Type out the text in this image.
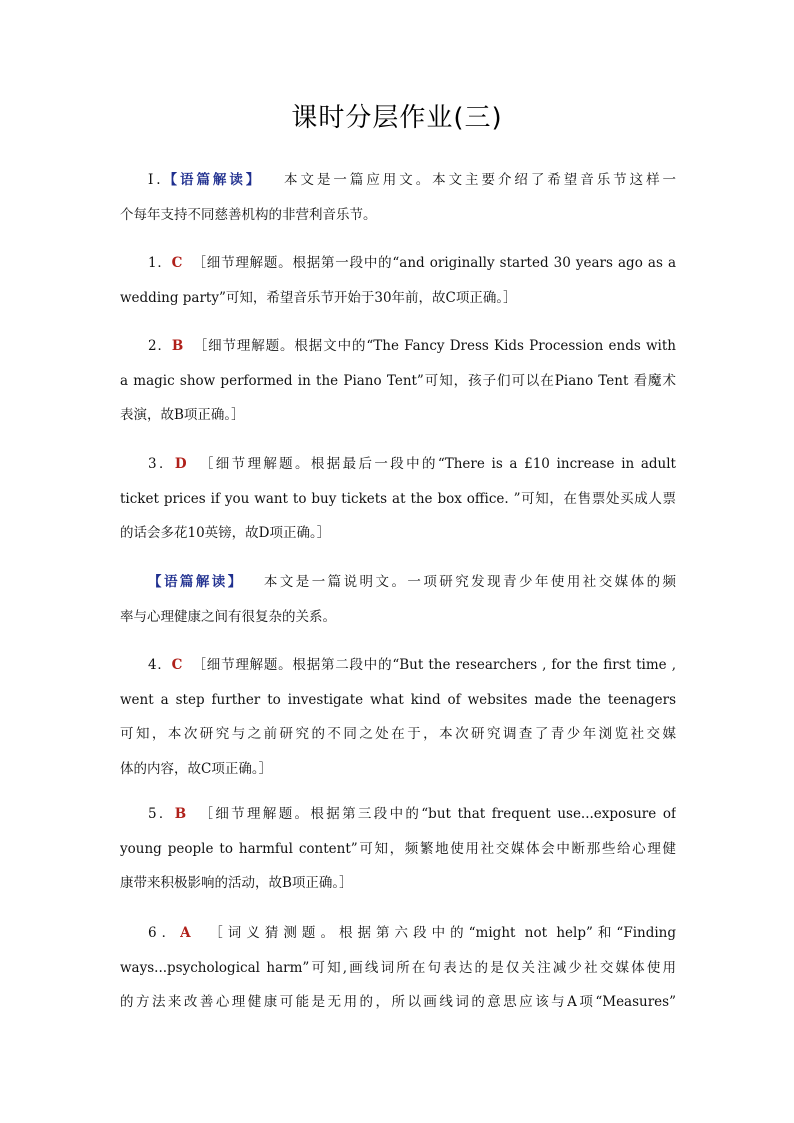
课时分层作业(三)
Ⅰ.【语篇解读】 本文是一篇应用文。本文主要介绍了希望音乐节这样一
个每年支持不同慈善机构的非营利音乐节。
1．C ［细节理解题。根据第一段中的“and originally started 30 years ago as a
wedding party”可知，希望音乐节开始于30年前，故C项正确。］
2．B ［细节理解题。根据文中的“The Fancy Dress Kids Procession ends with
a magic show performed in the Piano Tent”可知，孩子们可以在Piano Tent 看魔术
表演，故B项正确。］
3．D ［细节理解题。根据最后一段中的“There is a £10 increase in adult
ticket prices if you want to buy tickets at the box office. ”可知，在售票处买成人票
的话会多花10英镑，故D项正确。］
【语篇解读】 本文是一篇说明文。一项研究发现青少年使用社交媒体的频
率与心理健康之间有很复杂的关系。
4．C ［细节理解题。根据第二段中的“But the researchers , for the first time ,
went a step further to investigate what kind of websites made the teenagers
可知，本次研究与之前研究的不同之处在于，本次研究调查了青少年浏览社交媒
体的内容，故C项正确。］
5．B ［细节理解题。根据第三段中的“but that frequent use...exposure of
young people to harmful content”可知，频繁地使用社交媒体会中断那些给心理健
康带来积极影响的活动，故B项正确。］
6．A ［词义猜测题。根据第六段中的“might not help”和“Finding
ways...psychological harm”可知,画线词所在句表达的是仅关注减少社交媒体使用
的方法来改善心理健康可能是无用的，所以画线词的意思应该与A项“Measures”
